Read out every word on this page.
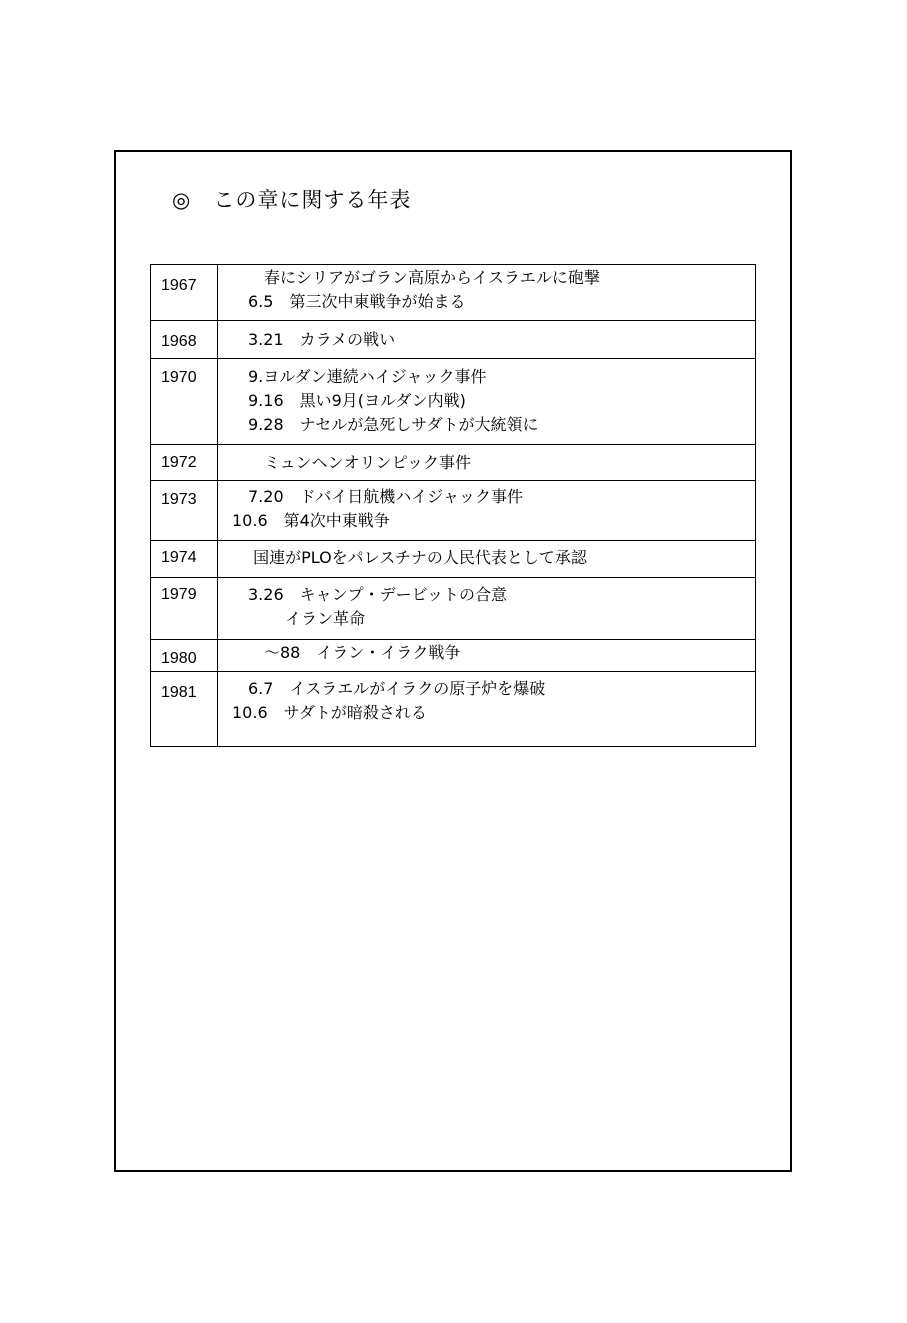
◎ この章に関する年表
1967	　　春にシリアがゴラン高原からイスラエルに砲撃
　6.5　第三次中東戦争が始まる

1968	　3.21　カラメの戦い

1970	　9.ヨルダン連続ハイジャック事件
　9.16　黒い9月(ヨルダン内戦)
　9.28　ナセルが急死しサダトが大統領に

1972	　　ミュンヘンオリンピック事件

1973	　7.20　ドバイ日航機ハイジャック事件
10.6　第4次中東戦争

1974	　 国連がPLOをパレスチナの人民代表として承認

1979	　3.26　キャンプ・デービットの合意
　　　 イラン革命

1980	　　～88　イラン・イラク戦争

1981	　6.7　イスラエルがイラクの原子炉を爆破
10.6　サダトが暗殺される
